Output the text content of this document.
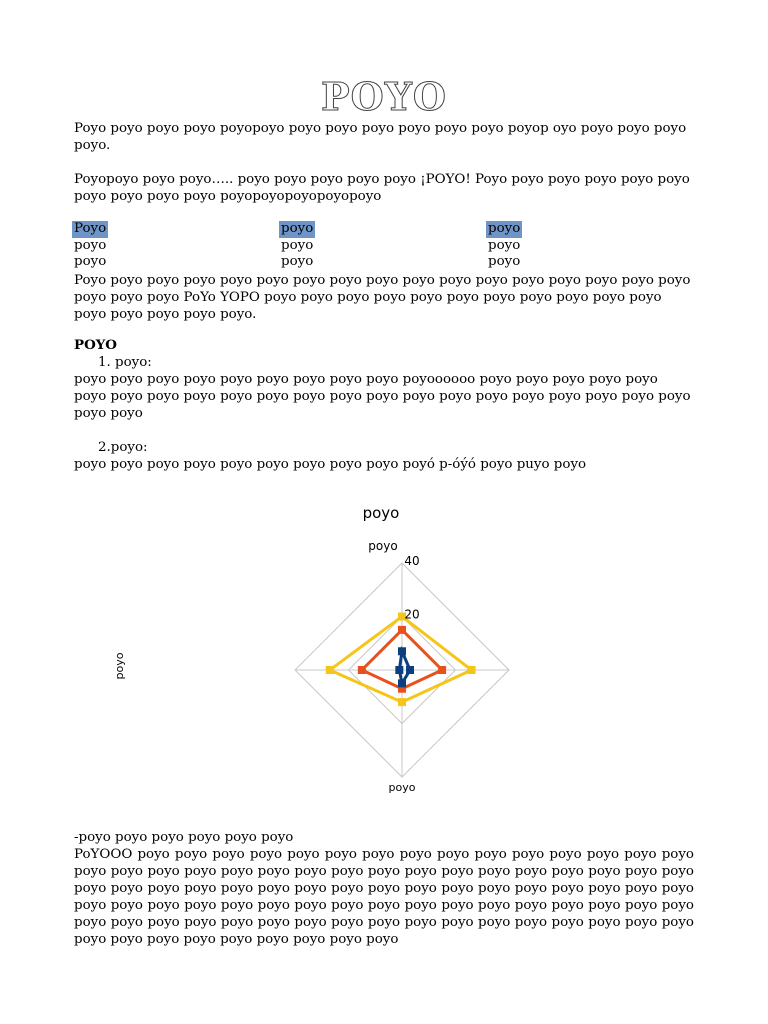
POYO

Poyo poyo poyo poyo poyopoyo poyo poyo poyo poyo poyo poyo poyop oyo poyo poyo poyo poyo.

Poyopoyo poyo poyo….. poyo poyo poyo poyo poyo ¡POYO! Poyo poyo poyo poyo poyo poyo poyo poyo poyo poyo poyopoyopoyopoyopoyo

Poyo	poyo	poyo
poyo	poyo	poyo
poyo	poyo	poyo

Poyo poyo poyo poyo poyo poyo poyo poyo poyo poyo poyo poyo poyo poyo poyo poyo poyo poyo poyo poyo PoYo YOPO poyo poyo poyo poyo poyo poyo poyo poyo poyo poyo poyo poyo poyo poyo poyo poyo.

POYO

1. poyo:

poyo poyo poyo poyo poyo poyo poyo poyo poyo poyoooooo poyo poyo poyo poyo poyo poyo poyo poyo poyo poyo poyo poyo poyo poyo poyo poyo poyo poyo poyo poyo poyo poyo poyo poyo

2.poyo:

poyo poyo poyo poyo poyo poyo poyo poyo poyo poyó p-óýó poyo puyo poyo

poyo
poyo
poyo
poyo
40
20

-poyo poyo poyo poyo poyo poyo

PoYOOO poyo poyo poyo poyo poyo poyo poyo poyo poyo poyo poyo poyo poyo poyo poyo poyo poyo poyo poyo poyo poyo poyo poyo poyo poyo poyo poyo poyo poyo poyo poyo poyo poyo poyo poyo poyo poyo poyo poyo poyo poyo poyo poyo poyo poyo poyo poyo poyo poyo poyo poyo poyo poyo poyo poyo poyo poyo poyo poyo poyo poyo poyo poyo poyo poyo poyo poyo poyo poyo poyo poyo poyo poyo poyo poyo poyo poyo poyo poyo poyo poyo poyo poyo poyo poyo poyo poyo poyo poyo poyo poyo poyo
